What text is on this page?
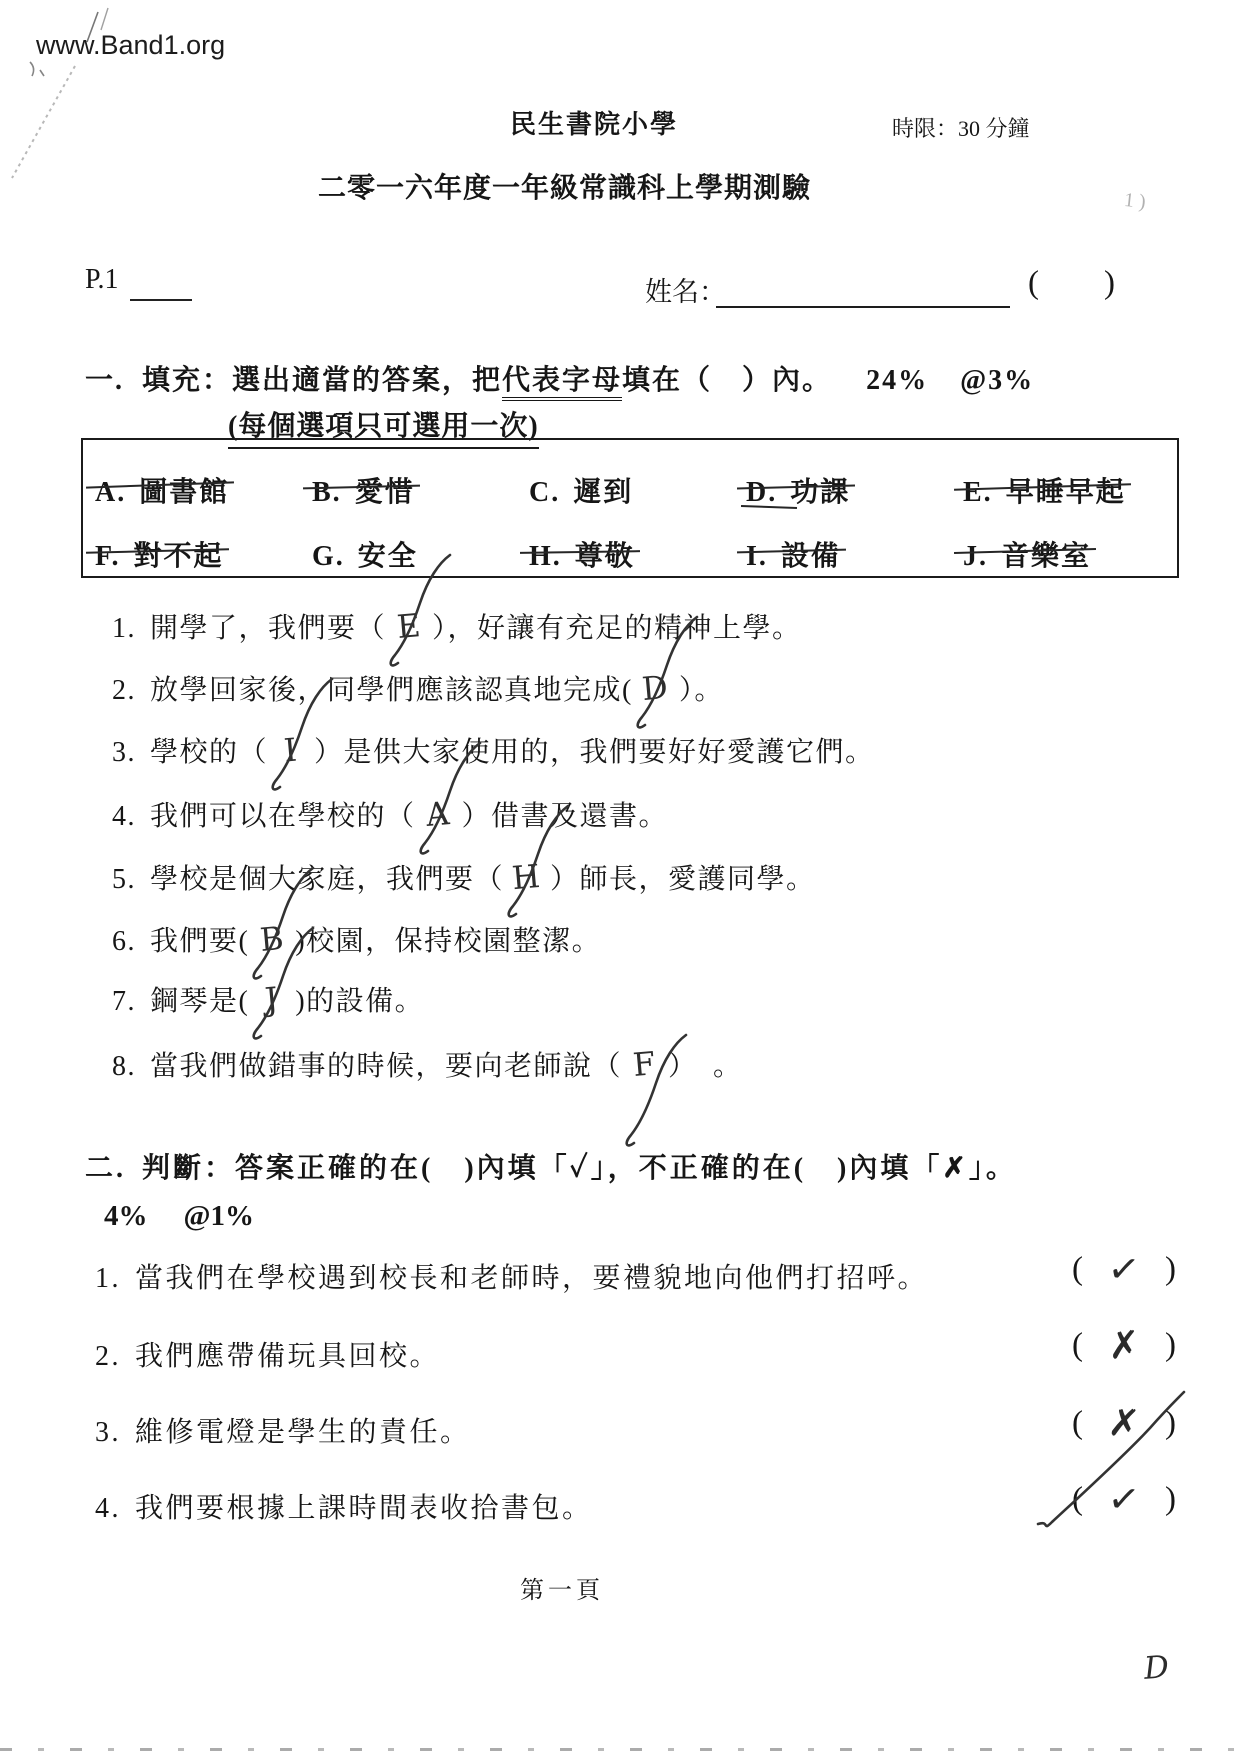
www.Band1.org
民生書院小學	時限：30 分鐘
二零一六年度一年級常識科上學期測驗
P.1	姓名：	(　)
1 )
一. 填充：選出適當的答案，把代表字母填在（　）內。 24% @3%
(每個選項只可選用一次)
A. 圖書館	B. 愛惜	C. 遲到	D. 功課	E. 早睡早起
F. 對不起	G. 安全	H. 尊敬	I. 設備	J. 音樂室
1. 開學了，我們要（ E ），好讓有充足的精神上學。
2. 放學回家後，同學們應該認真地完成( D ）。
3. 學校的（ I ）是供大家使用的，我們要好好愛護它們。
4. 我們可以在學校的（ A ）借書及還書。
5. 學校是個大家庭，我們要（ H ）師長，愛護同學。
6. 我們要( B )校園，保持校園整潔。
7. 鋼琴是( J )的設備。
8. 當我們做錯事的時候，要向老師說（ F ）　。
二. 判斷：答案正確的在(　)內填「✓」，不正確的在(　)內填「✗」。
4% @1%
1. 當我們在學校遇到校長和老師時，要禮貌地向他們打招呼。	( ✓ )
2. 我們應帶備玩具回校。	( ✗ )
3. 維修電燈是學生的責任。	( ✗ )
4. 我們要根據上課時間表收拾書包。	( ✓ )
第一頁
D
